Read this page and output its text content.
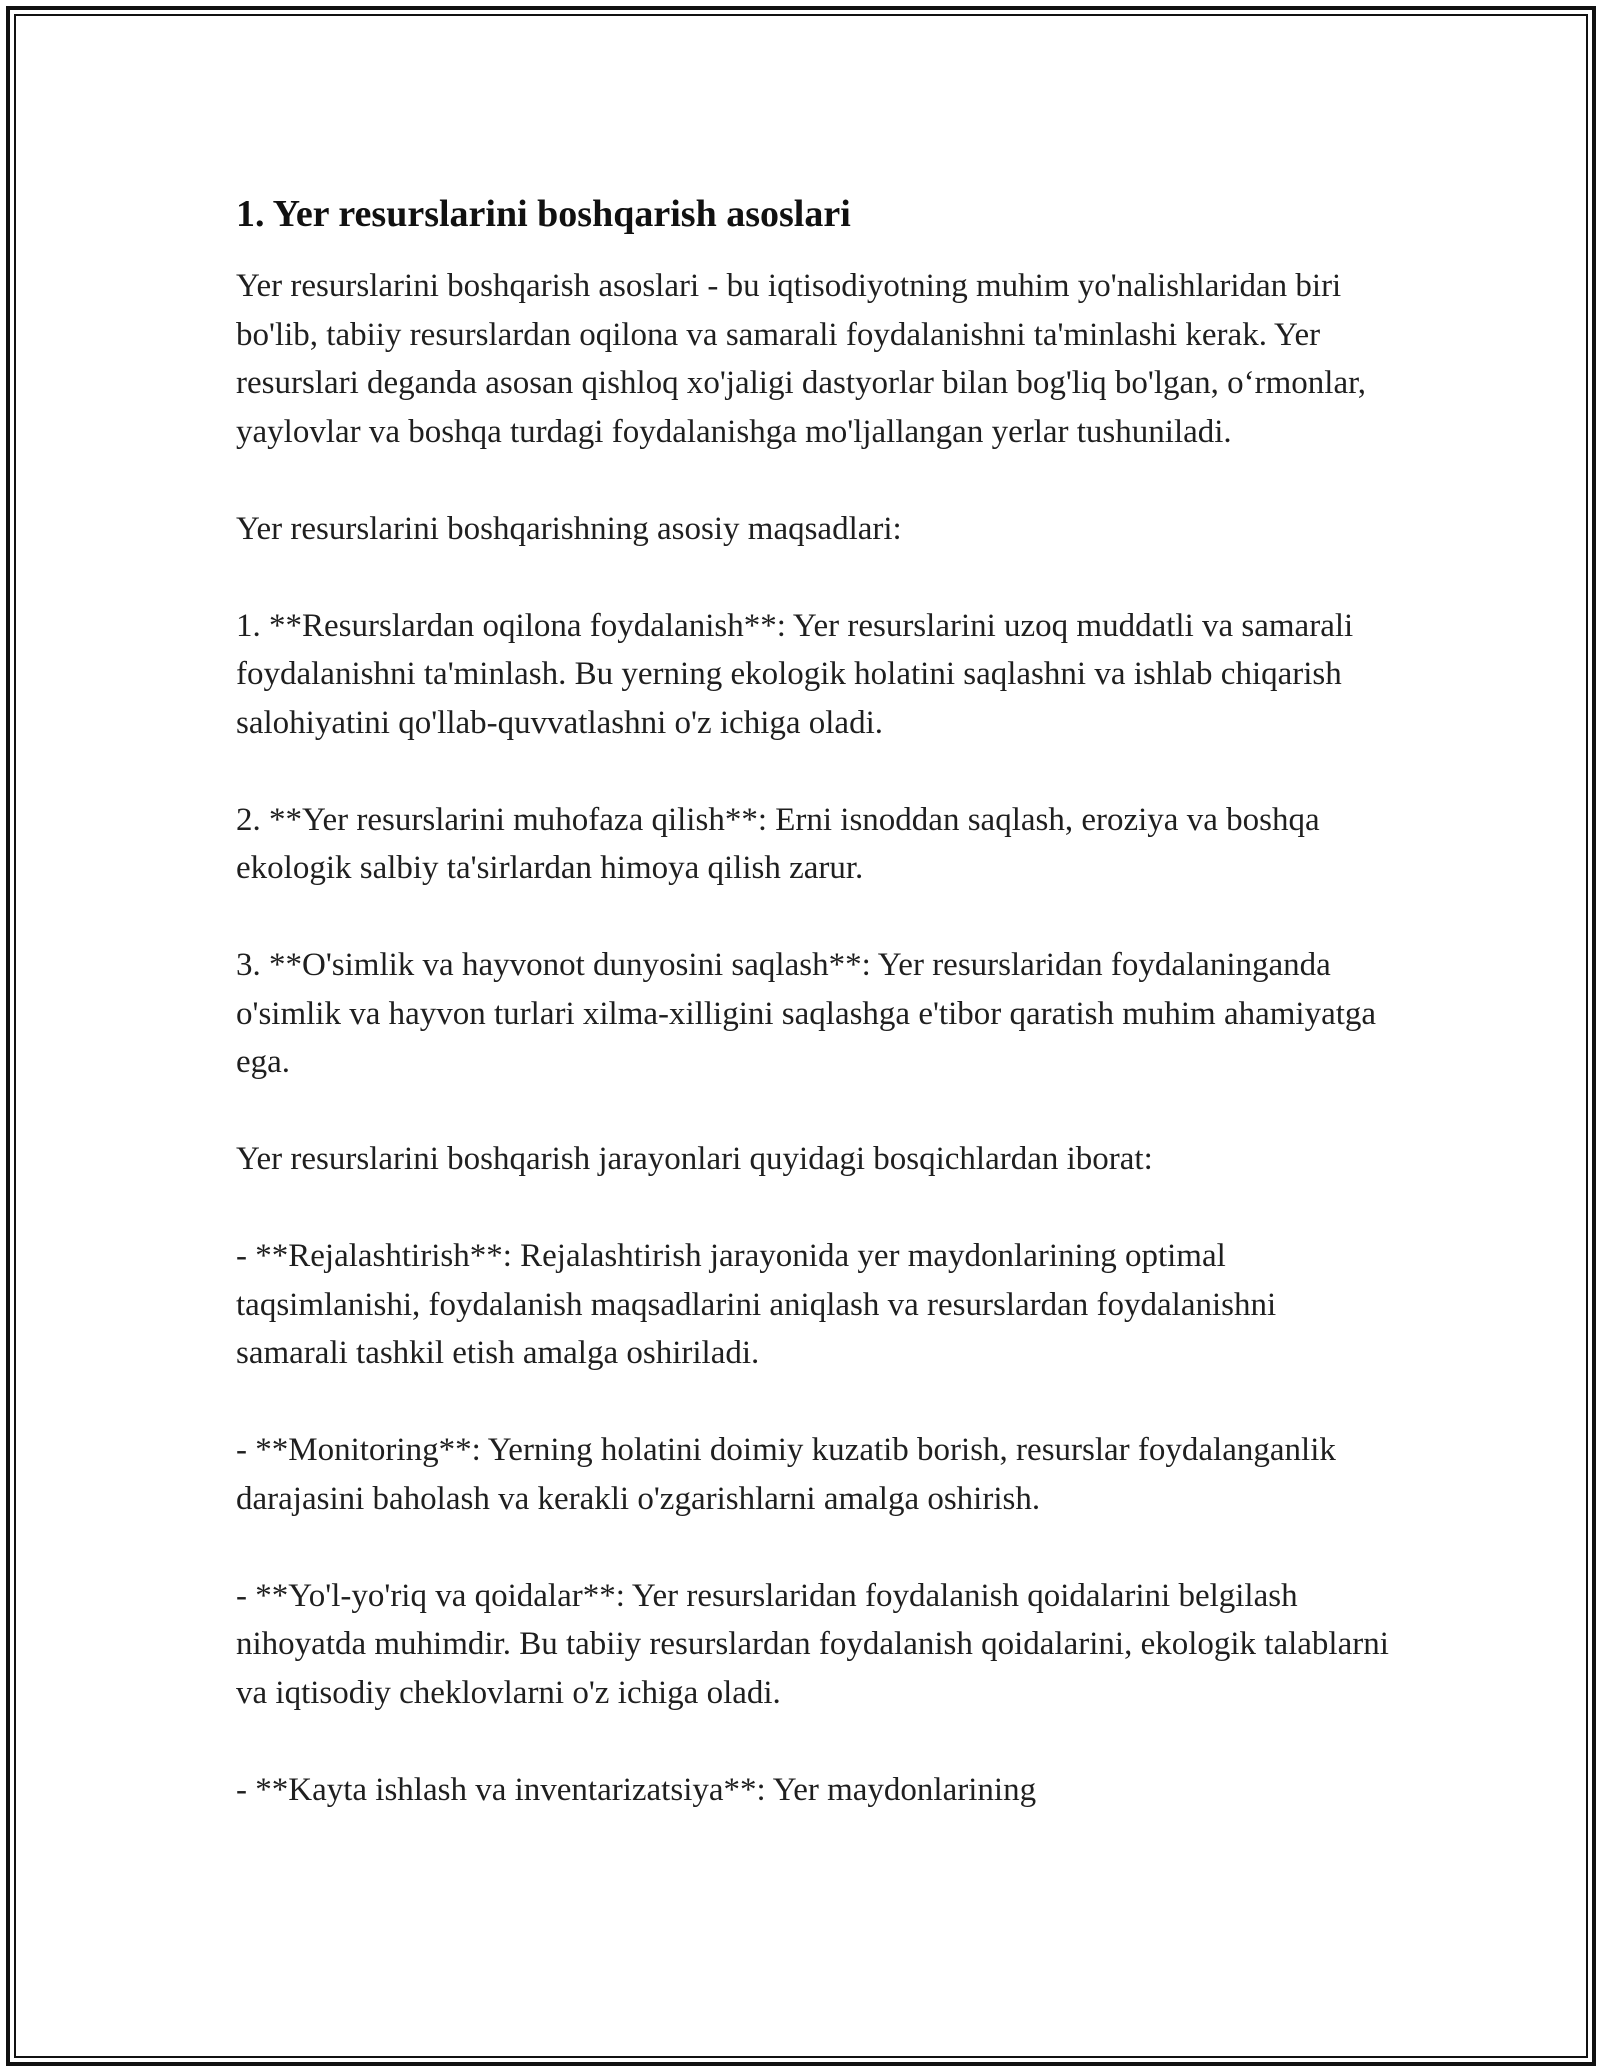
1. Yer resurslarini boshqarish asoslari

Yer resurslarini boshqarish asoslari - bu iqtisodiyotning muhim yo'nalishlaridan biri bo'lib, tabiiy resurslardan oqilona va samarali foydalanishni ta'minlashi kerak. Yer resurslari deganda asosan qishloq xo'jaligi dastyorlar bilan bog'liq bo'lgan, o‘rmonlar, yaylovlar va boshqa turdagi foydalanishga mo'ljallangan yerlar tushuniladi.

Yer resurslarini boshqarishning asosiy maqsadlari:

1. **Resurslardan oqilona foydalanish**: Yer resurslarini uzoq muddatli va samarali foydalanishni ta'minlash. Bu yerning ekologik holatini saqlashni va ishlab chiqarish salohiyatini qo'llab-quvvatlashni o'z ichiga oladi.

2. **Yer resurslarini muhofaza qilish**: Erni isnoddan saqlash, eroziya va boshqa ekologik salbiy ta'sirlardan himoya qilish zarur.

3. **O'simlik va hayvonot dunyosini saqlash**: Yer resurslaridan foydalaninganda o'simlik va hayvon turlari xilma-xilligini saqlashga e'tibor qaratish muhim ahamiyatga ega.

Yer resurslarini boshqarish jarayonlari quyidagi bosqichlardan iborat:

- **Rejalashtirish**: Rejalashtirish jarayonida yer maydonlarining optimal taqsimlanishi, foydalanish maqsadlarini aniqlash va resurslardan foydalanishni samarali tashkil etish amalga oshiriladi.

- **Monitoring**: Yerning holatini doimiy kuzatib borish, resurslar foydalanganlik darajasini baholash va kerakli o'zgarishlarni amalga oshirish.

- **Yo'l-yo'riq va qoidalar**: Yer resurslaridan foydalanish qoidalarini belgilash nihoyatda muhimdir. Bu tabiiy resurslardan foydalanish qoidalarini, ekologik talablarni va iqtisodiy cheklovlarni o'z ichiga oladi.

- **Kayta ishlash va inventarizatsiya**: Yer maydonlarining
